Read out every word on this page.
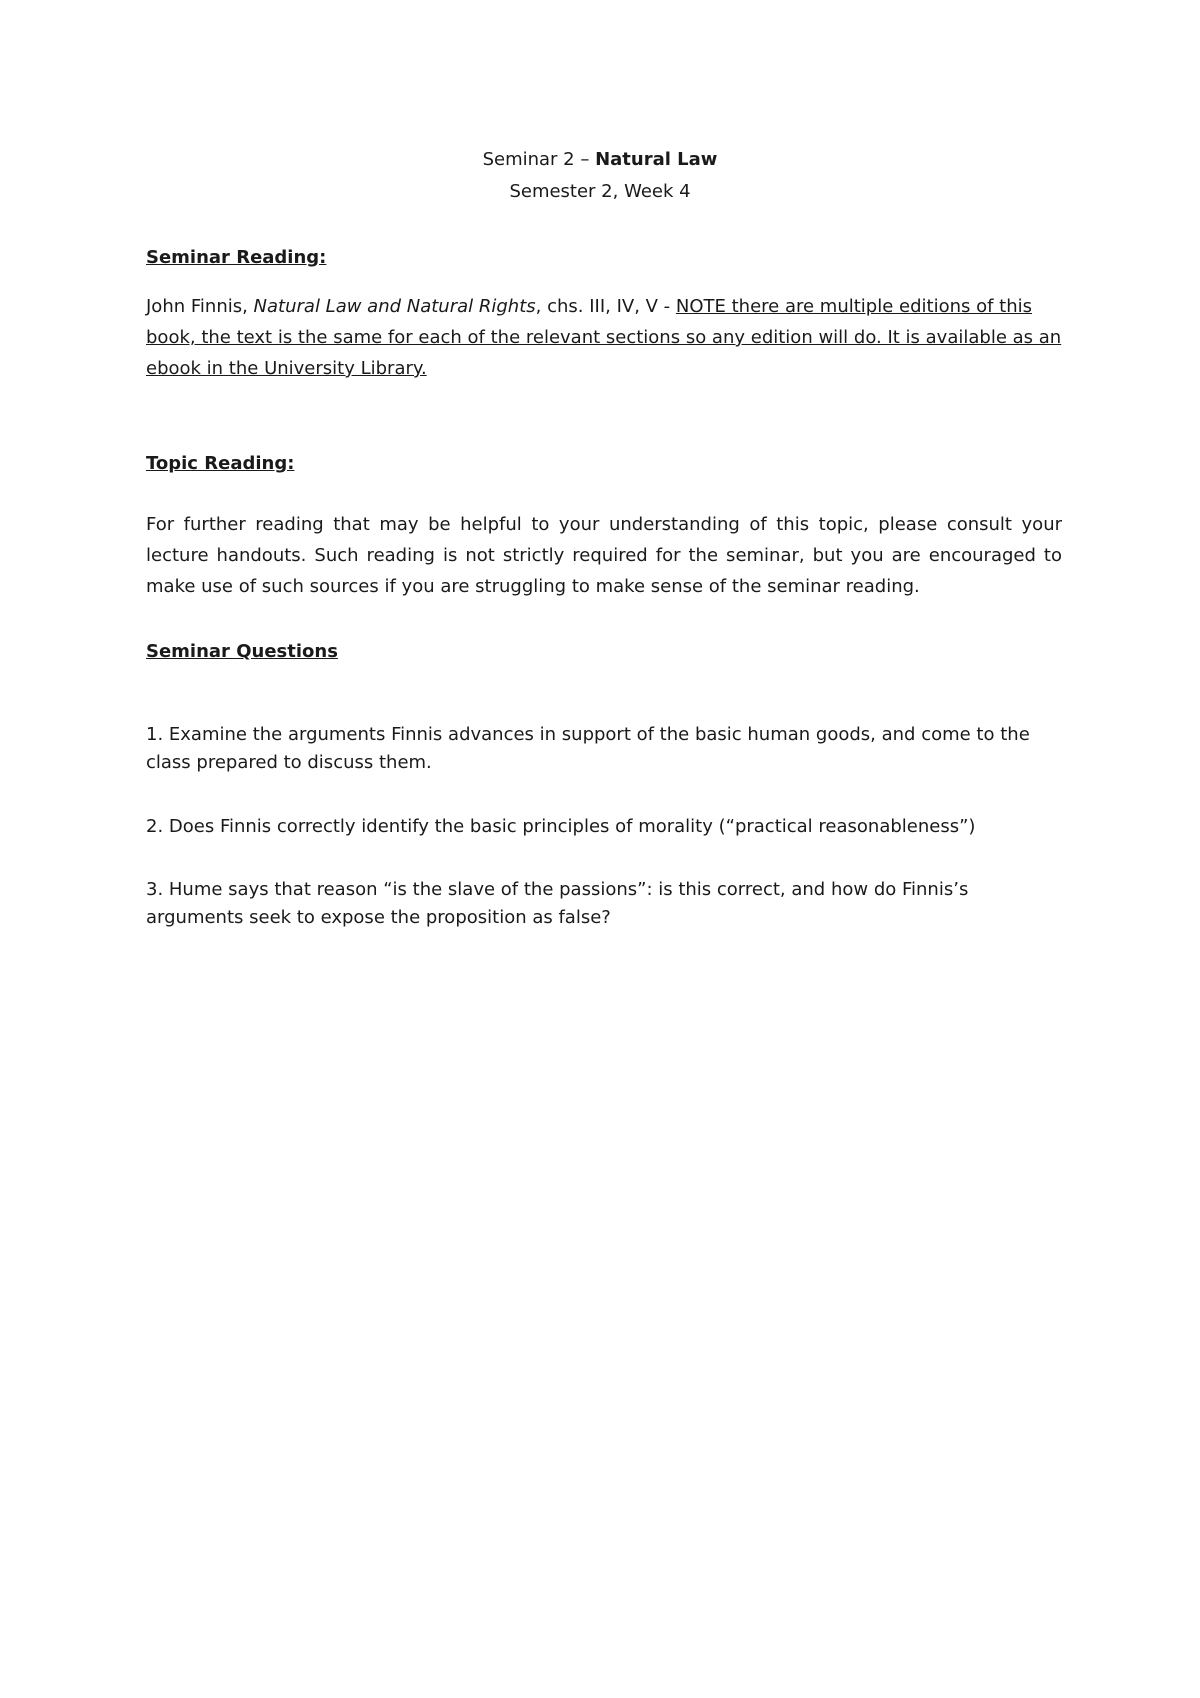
Seminar 2 – Natural Law
Semester 2, Week 4
Seminar Reading:
John Finnis, Natural Law and Natural Rights, chs. III, IV, V - NOTE there are multiple editions of this book, the text is the same for each of the relevant sections so any edition will do. It is available as an ebook in the University Library.
Topic Reading:
For further reading that may be helpful to your understanding of this topic, please consult your lecture handouts. Such reading is not strictly required for the seminar, but you are encouraged to make use of such sources if you are struggling to make sense of the seminar reading.
Seminar Questions
1. Examine the arguments Finnis advances in support of the basic human goods, and come to the class prepared to discuss them.
2. Does Finnis correctly identify the basic principles of morality (“practical reasonableness”)
3. Hume says that reason “is the slave of the passions”: is this correct, and how do Finnis’s arguments seek to expose the proposition as false?
